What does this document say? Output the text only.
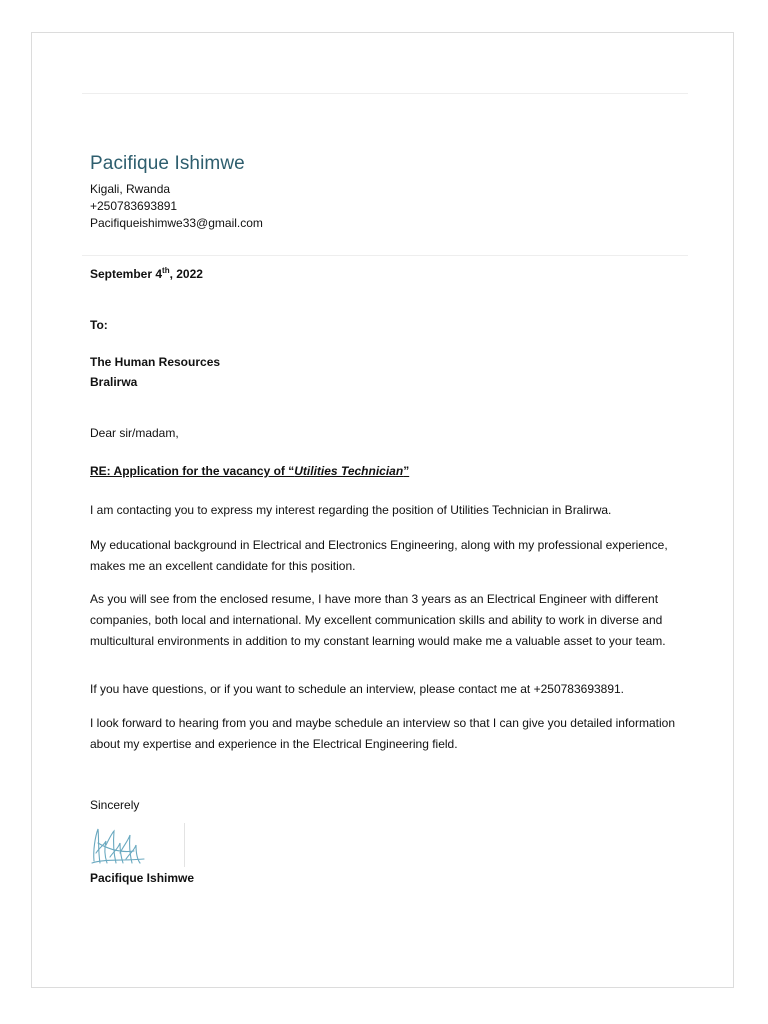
Pacifique Ishimwe
Kigali, Rwanda
+250783693891
Pacifiqueishimwe33@gmail.com
September 4th, 2022
To:
The Human Resources
Bralirwa
Dear sir/madam,
RE: Application for the vacancy of “Utilities Technician”

I am contacting you to express my interest regarding the position of Utilities Technician in Bralirwa.

My educational background in Electrical and Electronics Engineering, along with my professional experience, makes me an excellent candidate for this position.

As you will see from the enclosed resume, I have more than 3 years as an Electrical Engineer with different companies, both local and international. My excellent communication skills and ability to work in diverse and multicultural environments in addition to my constant learning would make me a valuable asset to your team.

If you have questions, or if you want to schedule an interview, please contact me at +250783693891.

I look forward to hearing from you and maybe schedule an interview so that I can give you detailed information about my expertise and experience in the Electrical Engineering field.

Sincerely
Pacifique Ishimwe
